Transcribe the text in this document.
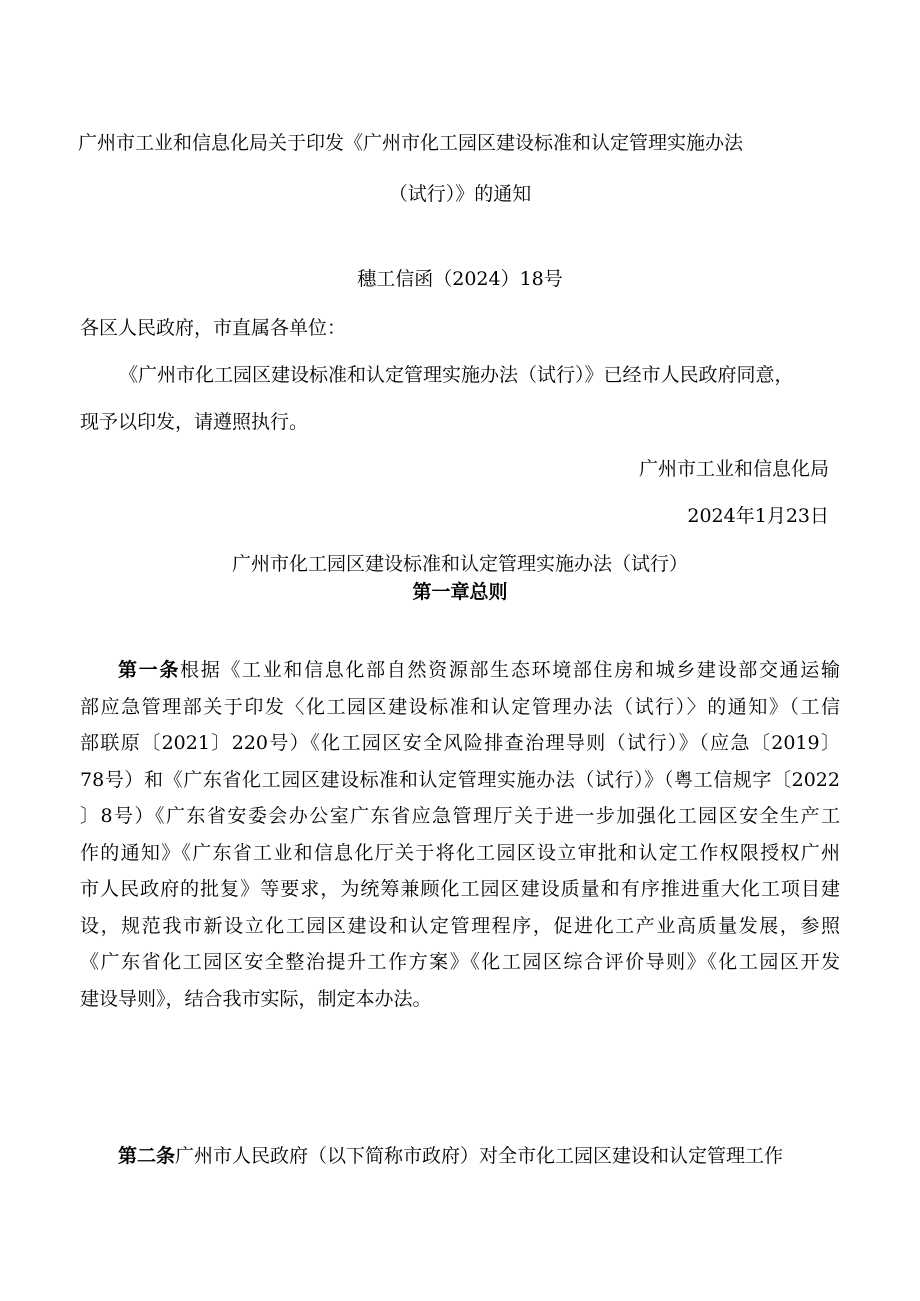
广州市工业和信息化局关于印发《广州市化工园区建设标准和认定管理实施办法
（试行）》的通知
穗工信函（2024）18号
各区人民政府，市直属各单位：
《广州市化工园区建设标准和认定管理实施办法（试行）》已经市人民政府同意，
现予以印发，请遵照执行。
广州市工业和信息化局
2024年1月23日
广州市化工园区建设标准和认定管理实施办法（试行）
第一章总则

第一条根据《工业和信息化部自然资源部生态环境部住房和城乡建设部交通运输

部应急管理部关于印发〈化工园区建设标准和认定管理办法（试行）〉的通知》（工信

部联原〔2021〕220号）《化工园区安全风险排查治理导则（试行）》（应急〔2019〕

78号）和《广东省化工园区建设标准和认定管理实施办法（试行）》（粤工信规字〔2022

〕8号）《广东省安委会办公室广东省应急管理厅关于进一步加强化工园区安全生产工

作的通知》《广东省工业和信息化厅关于将化工园区设立审批和认定工作权限授权广州

市人民政府的批复》等要求，为统筹兼顾化工园区建设质量和有序推进重大化工项目建

设，规范我市新设立化工园区建设和认定管理程序，促进化工产业高质量发展，参照

《广东省化工园区安全整治提升工作方案》《化工园区综合评价导则》《化工园区开发

建设导则》，结合我市实际，制定本办法。

第二条广州市人民政府（以下简称市政府）对全市化工园区建设和认定管理工作
